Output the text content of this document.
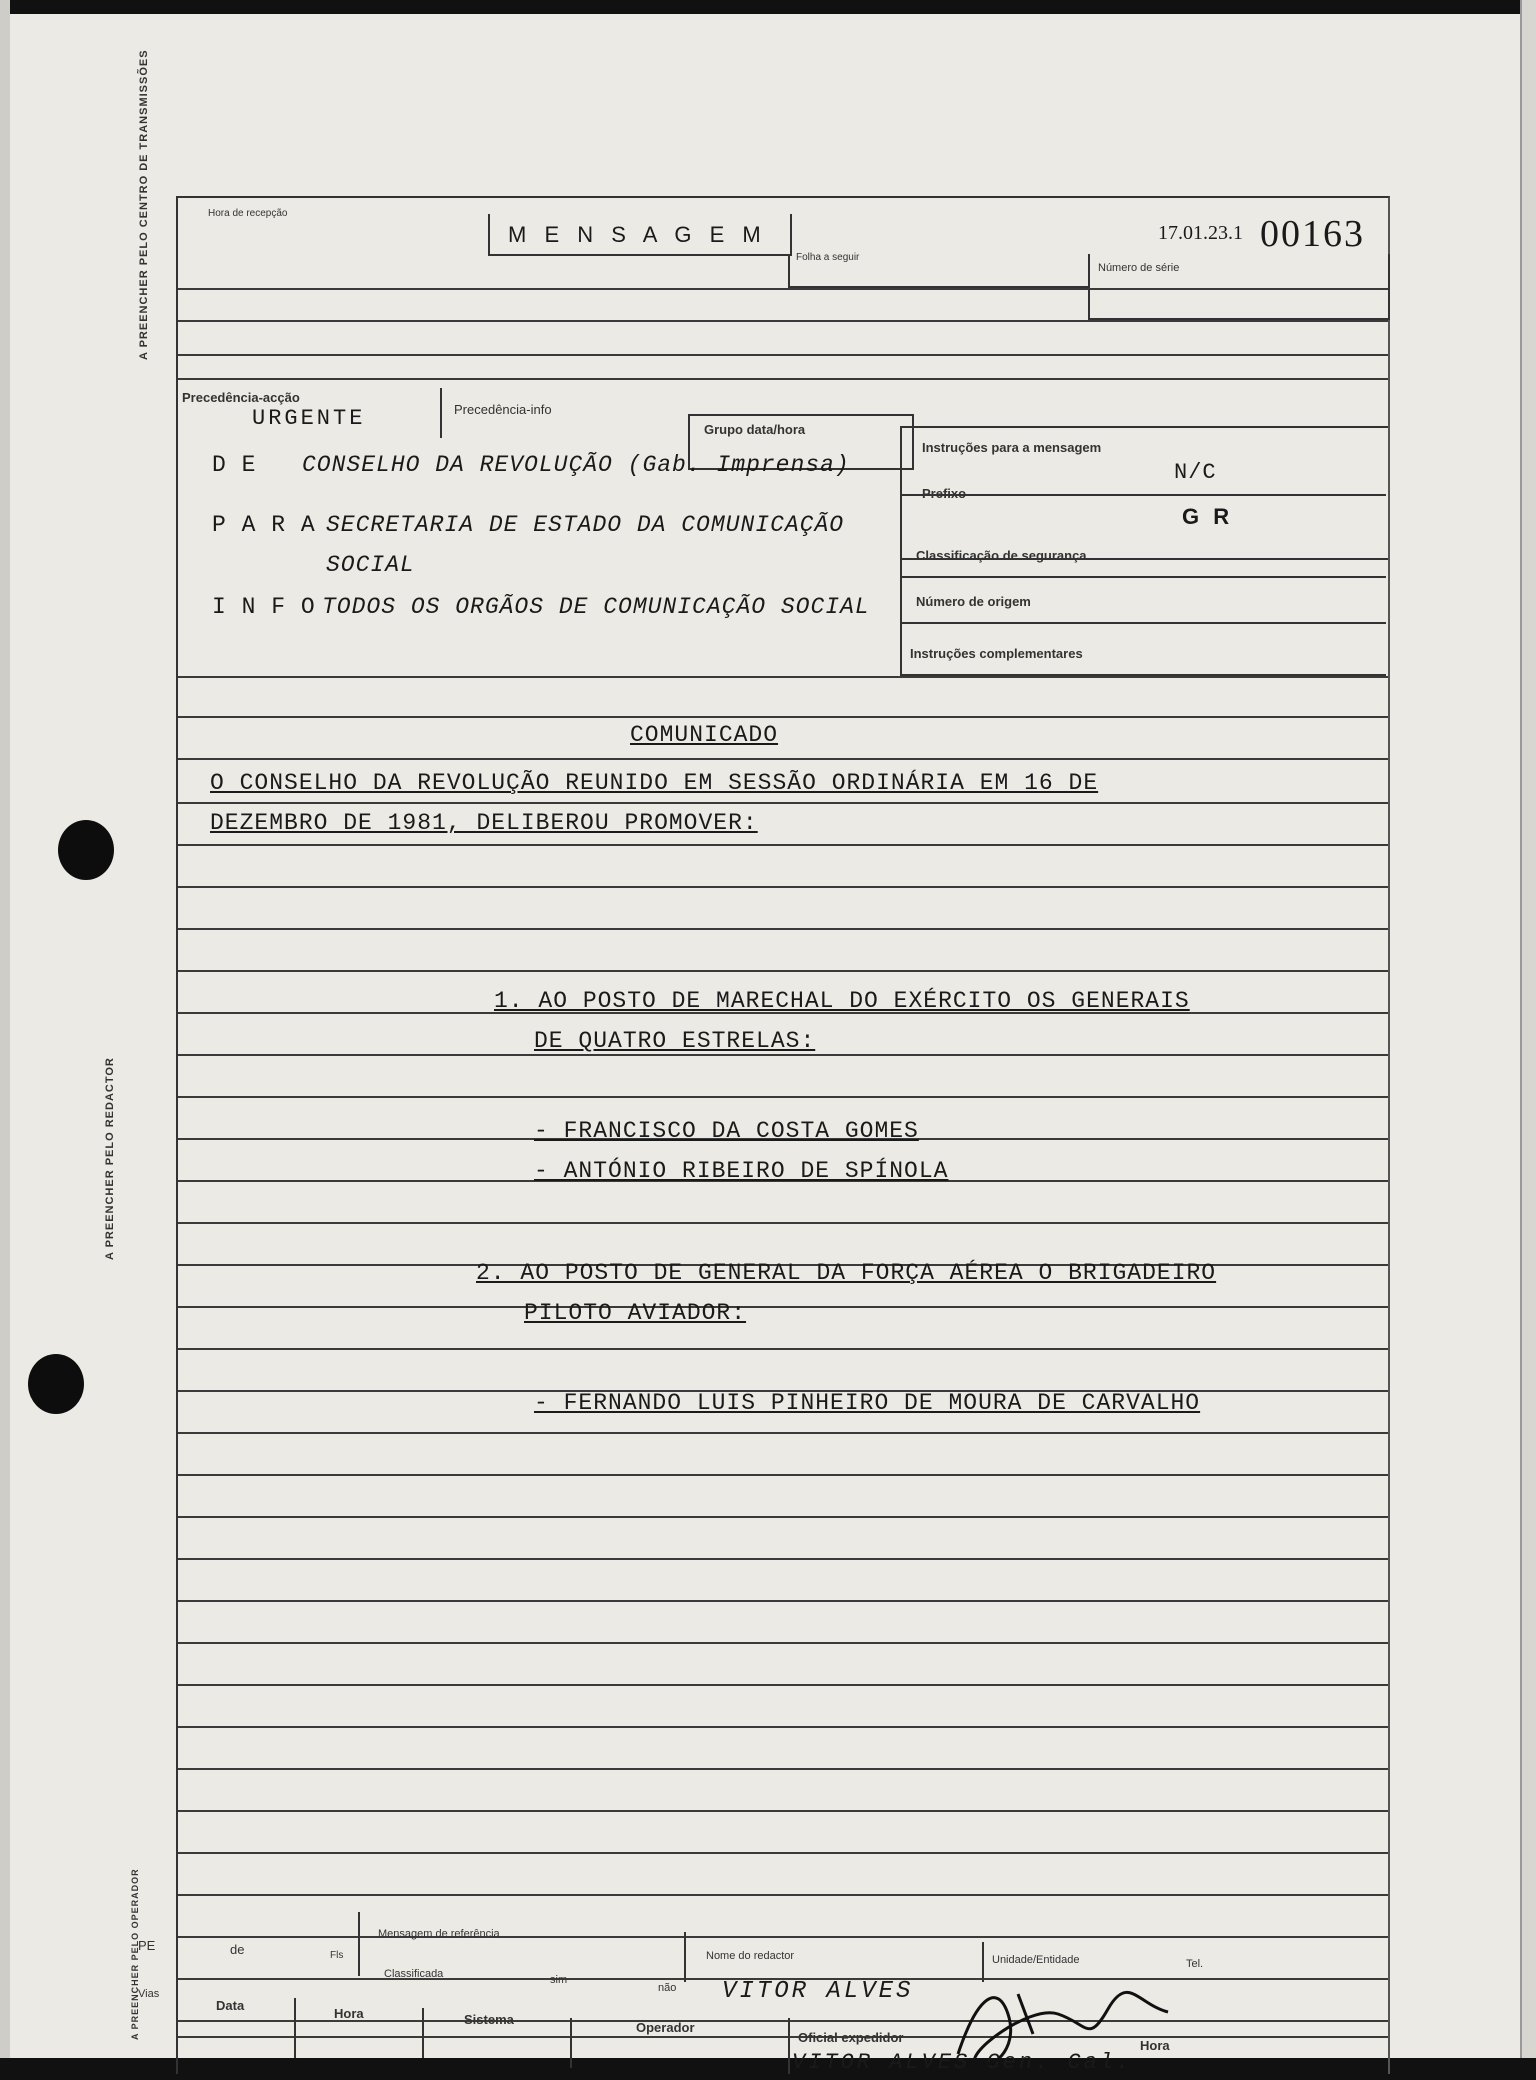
A PREENCHER PELO CENTRO DE TRANSMISSÕES
A PREENCHER PELO REDACTOR
A PREENCHER PELO OPERADOR
Hora de recepção
M E N S A G E M
Folha a seguir
Número de série
17.01.23.1 00163
Precedência-acção
URGENTE	Precedência-info
Grupo data/hora
Instruções para a mensagem
N/C
Prefixo
G R
Classificação de segurança
Número de origem
Instruções complementares
D E CONSELHO DA REVOLUÇÃO (Gab. Imprensa)
P A R A SECRETARIA DE ESTADO DA COMUNICAÇÃO
SOCIAL
I N F O TODOS OS ORGÃOS DE COMUNICAÇÃO SOCIAL
COMUNICADO
O CONSELHO DA REVOLUÇÃO REUNIDO EM SESSÃO ORDINÁRIA EM 16 DE
DEZEMBRO DE 1981, DELIBEROU PROMOVER:
1. AO POSTO DE MARECHAL DO EXÉRCITO OS GENERAIS
DE QUATRO ESTRELAS:
- FRANCISCO DA COSTA GOMES
- ANTÓNIO RIBEIRO DE SPÍNOLA
2. AO POSTO DE GENERAL DA FORÇA AÉREA O BRIGADEIRO
PILOTO AVIADOR:
- FERNANDO LUIS PINHEIRO DE MOURA DE CARVALHO
PE	de	Fls
Mensagem de referência
Classificada	sim
não
Nome do redactor
VITOR ALVES
Unidade/Entidade	Tel.
Vias
Data
Hora	Sistema
Operador
Oficial expedidor
Hora
VITOR ALVES Gen. Cal.
